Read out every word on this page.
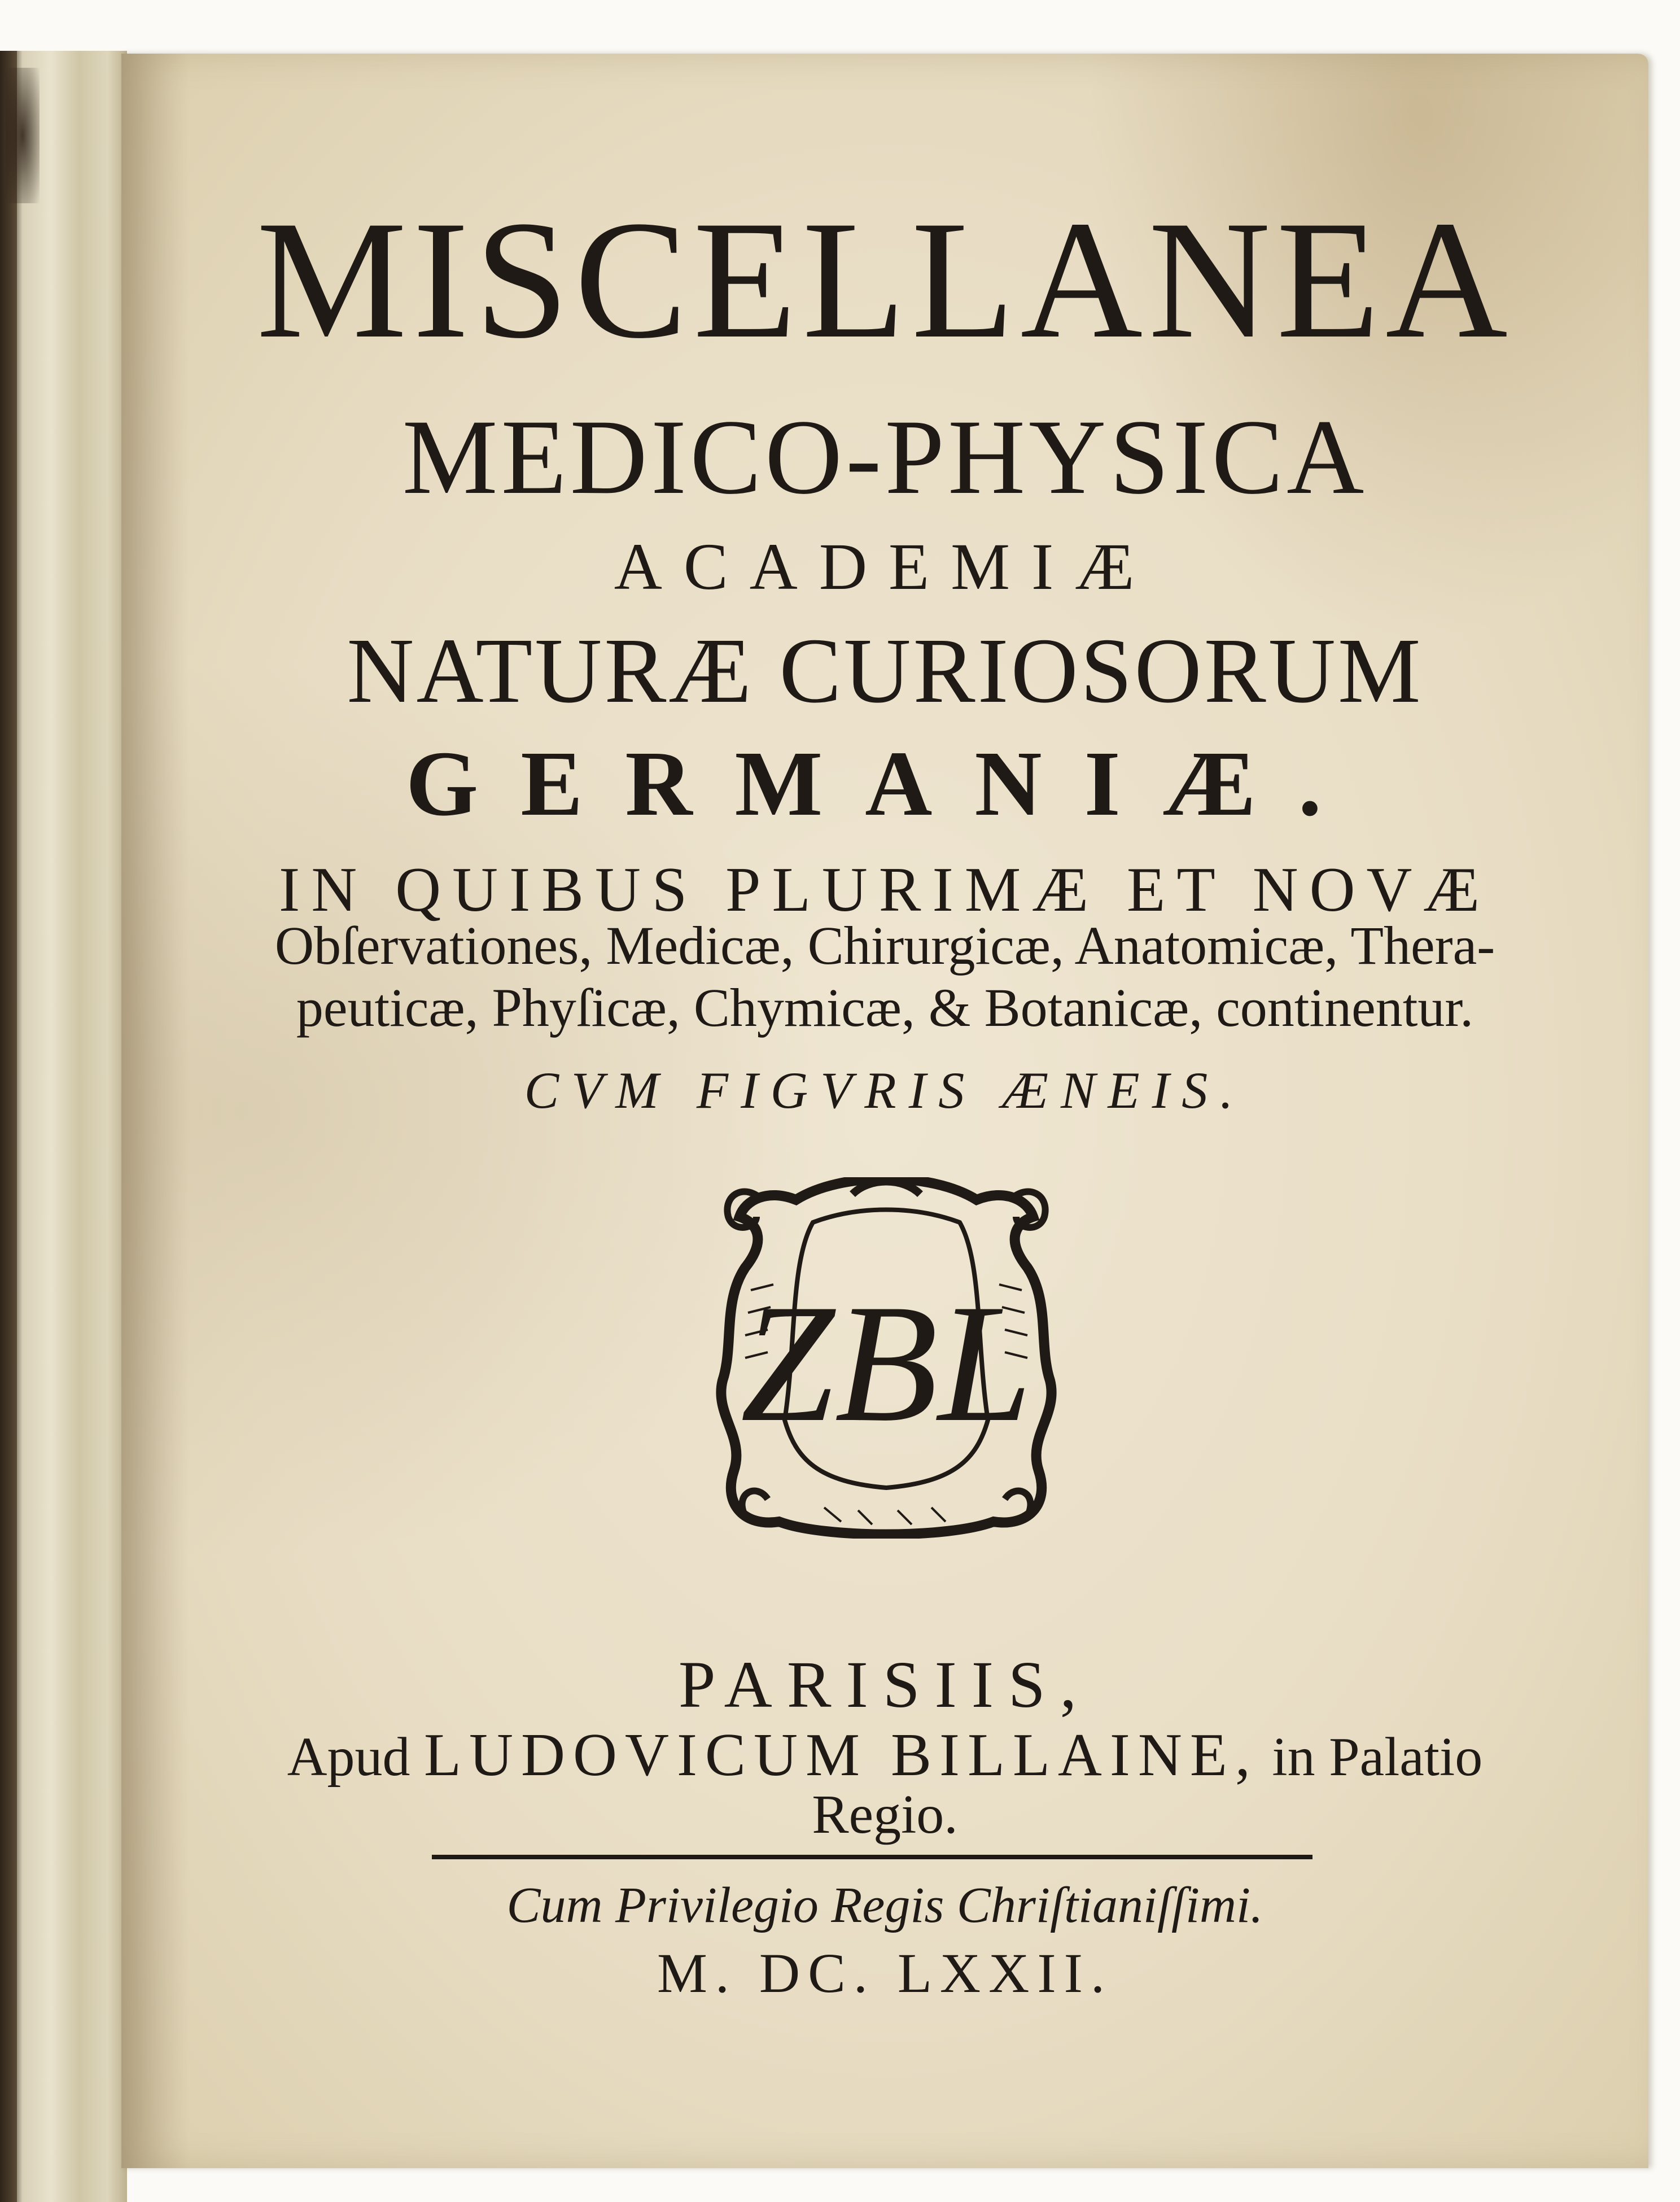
MISCELLANEA
MEDICO-PHYSICA
ACADEMIÆ
NATURÆ CURIOSORUM
GERMANIÆ.
IN QUIBUS PLURIMÆ ET NOVÆ
Obſervationes, Medicæ, Chirurgicæ, Anatomicæ, Thera-
peuticæ, Phyſicæ, Chymicæ, & Botanicæ, continentur.
CVM FIGVRIS ÆNEIS.
ZBL
PARISIIS,
Apud LUDOVICUM BILLAINE, in Palatio
Regio.
Cum Privilegio Regis Chriſtianiſſimi.
M. DC. LXXII.
